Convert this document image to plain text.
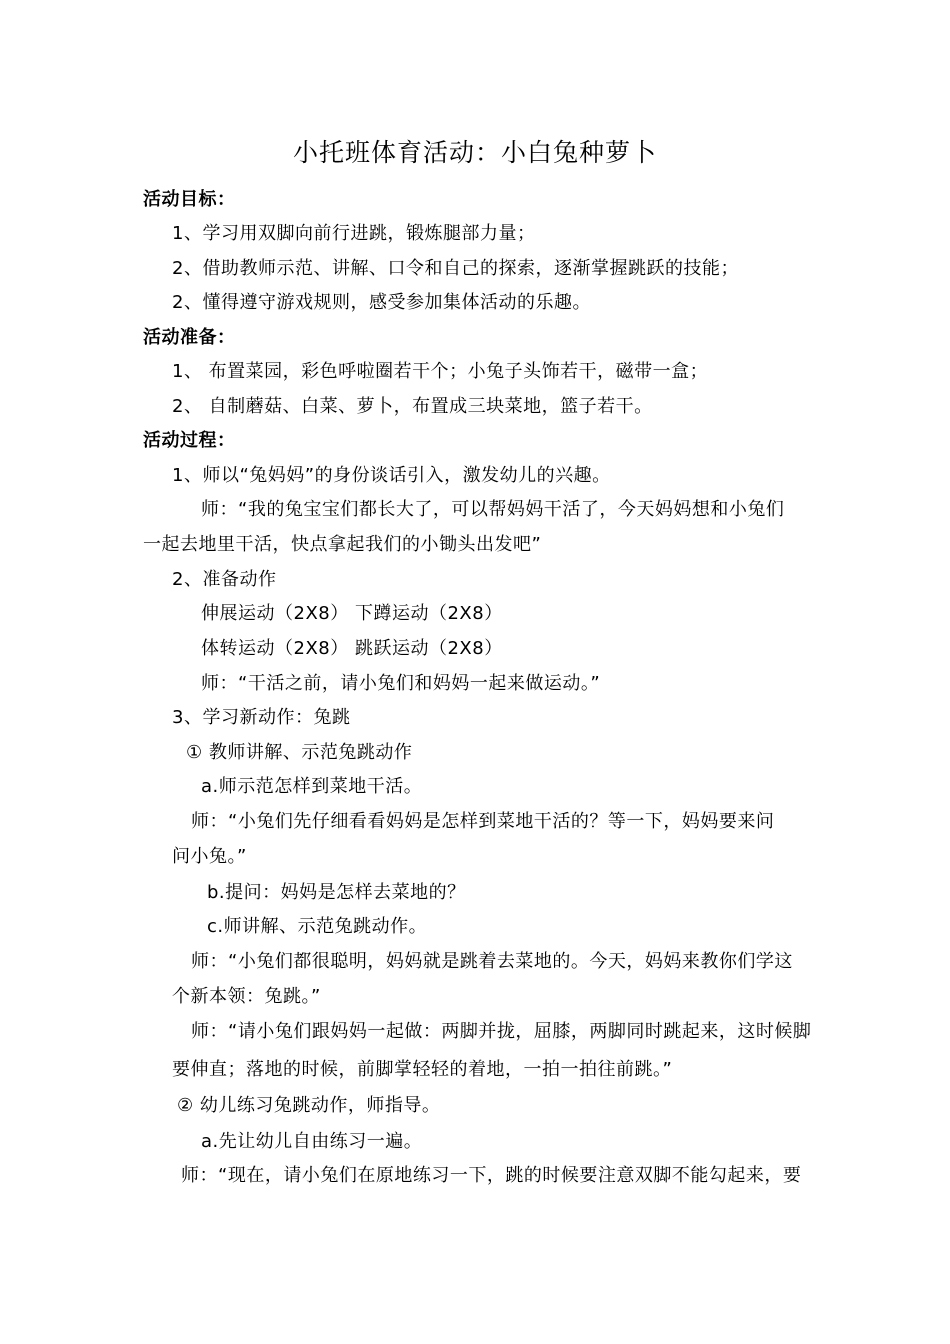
小托班体育活动：小白兔种萝卜
活动目标：
1、学习用双脚向前行进跳，锻炼腿部力量；
2、借助教师示范、讲解、口令和自己的探索，逐渐掌握跳跃的技能；
2、懂得遵守游戏规则，感受参加集体活动的乐趣。
活动准备：
1、 布置菜园，彩色呼啦圈若干个；小兔子头饰若干，磁带一盒；
2、 自制蘑菇、白菜、萝卜，布置成三块菜地，篮子若干。
活动过程：
1、师以“兔妈妈”的身份谈话引入，激发幼儿的兴趣。
师：“我的兔宝宝们都长大了，可以帮妈妈干活了，今天妈妈想和小兔们
一起去地里干活，快点拿起我们的小锄头出发吧”
2、准备动作
伸展运动（2X8） 下蹲运动（2X8）
体转运动（2X8） 跳跃运动（2X8）
师：“干活之前，请小兔们和妈妈一起来做运动。”
3、学习新动作：兔跳
① 教师讲解、示范兔跳动作
a.师示范怎样到菜地干活。
师：“小兔们先仔细看看妈妈是怎样到菜地干活的？等一下，妈妈要来问
问小兔。”
b.提问：妈妈是怎样去菜地的？
c.师讲解、示范兔跳动作。
师：“小兔们都很聪明，妈妈就是跳着去菜地的。今天，妈妈来教你们学这
个新本领：兔跳。”
师：“请小兔们跟妈妈一起做：两脚并拢，屈膝，两脚同时跳起来，这时候脚
要伸直；落地的时候，前脚掌轻轻的着地，一拍一拍往前跳。”
② 幼儿练习兔跳动作，师指导。
a.先让幼儿自由练习一遍。
师：“现在，请小兔们在原地练习一下，跳的时候要注意双脚不能勾起来，要
